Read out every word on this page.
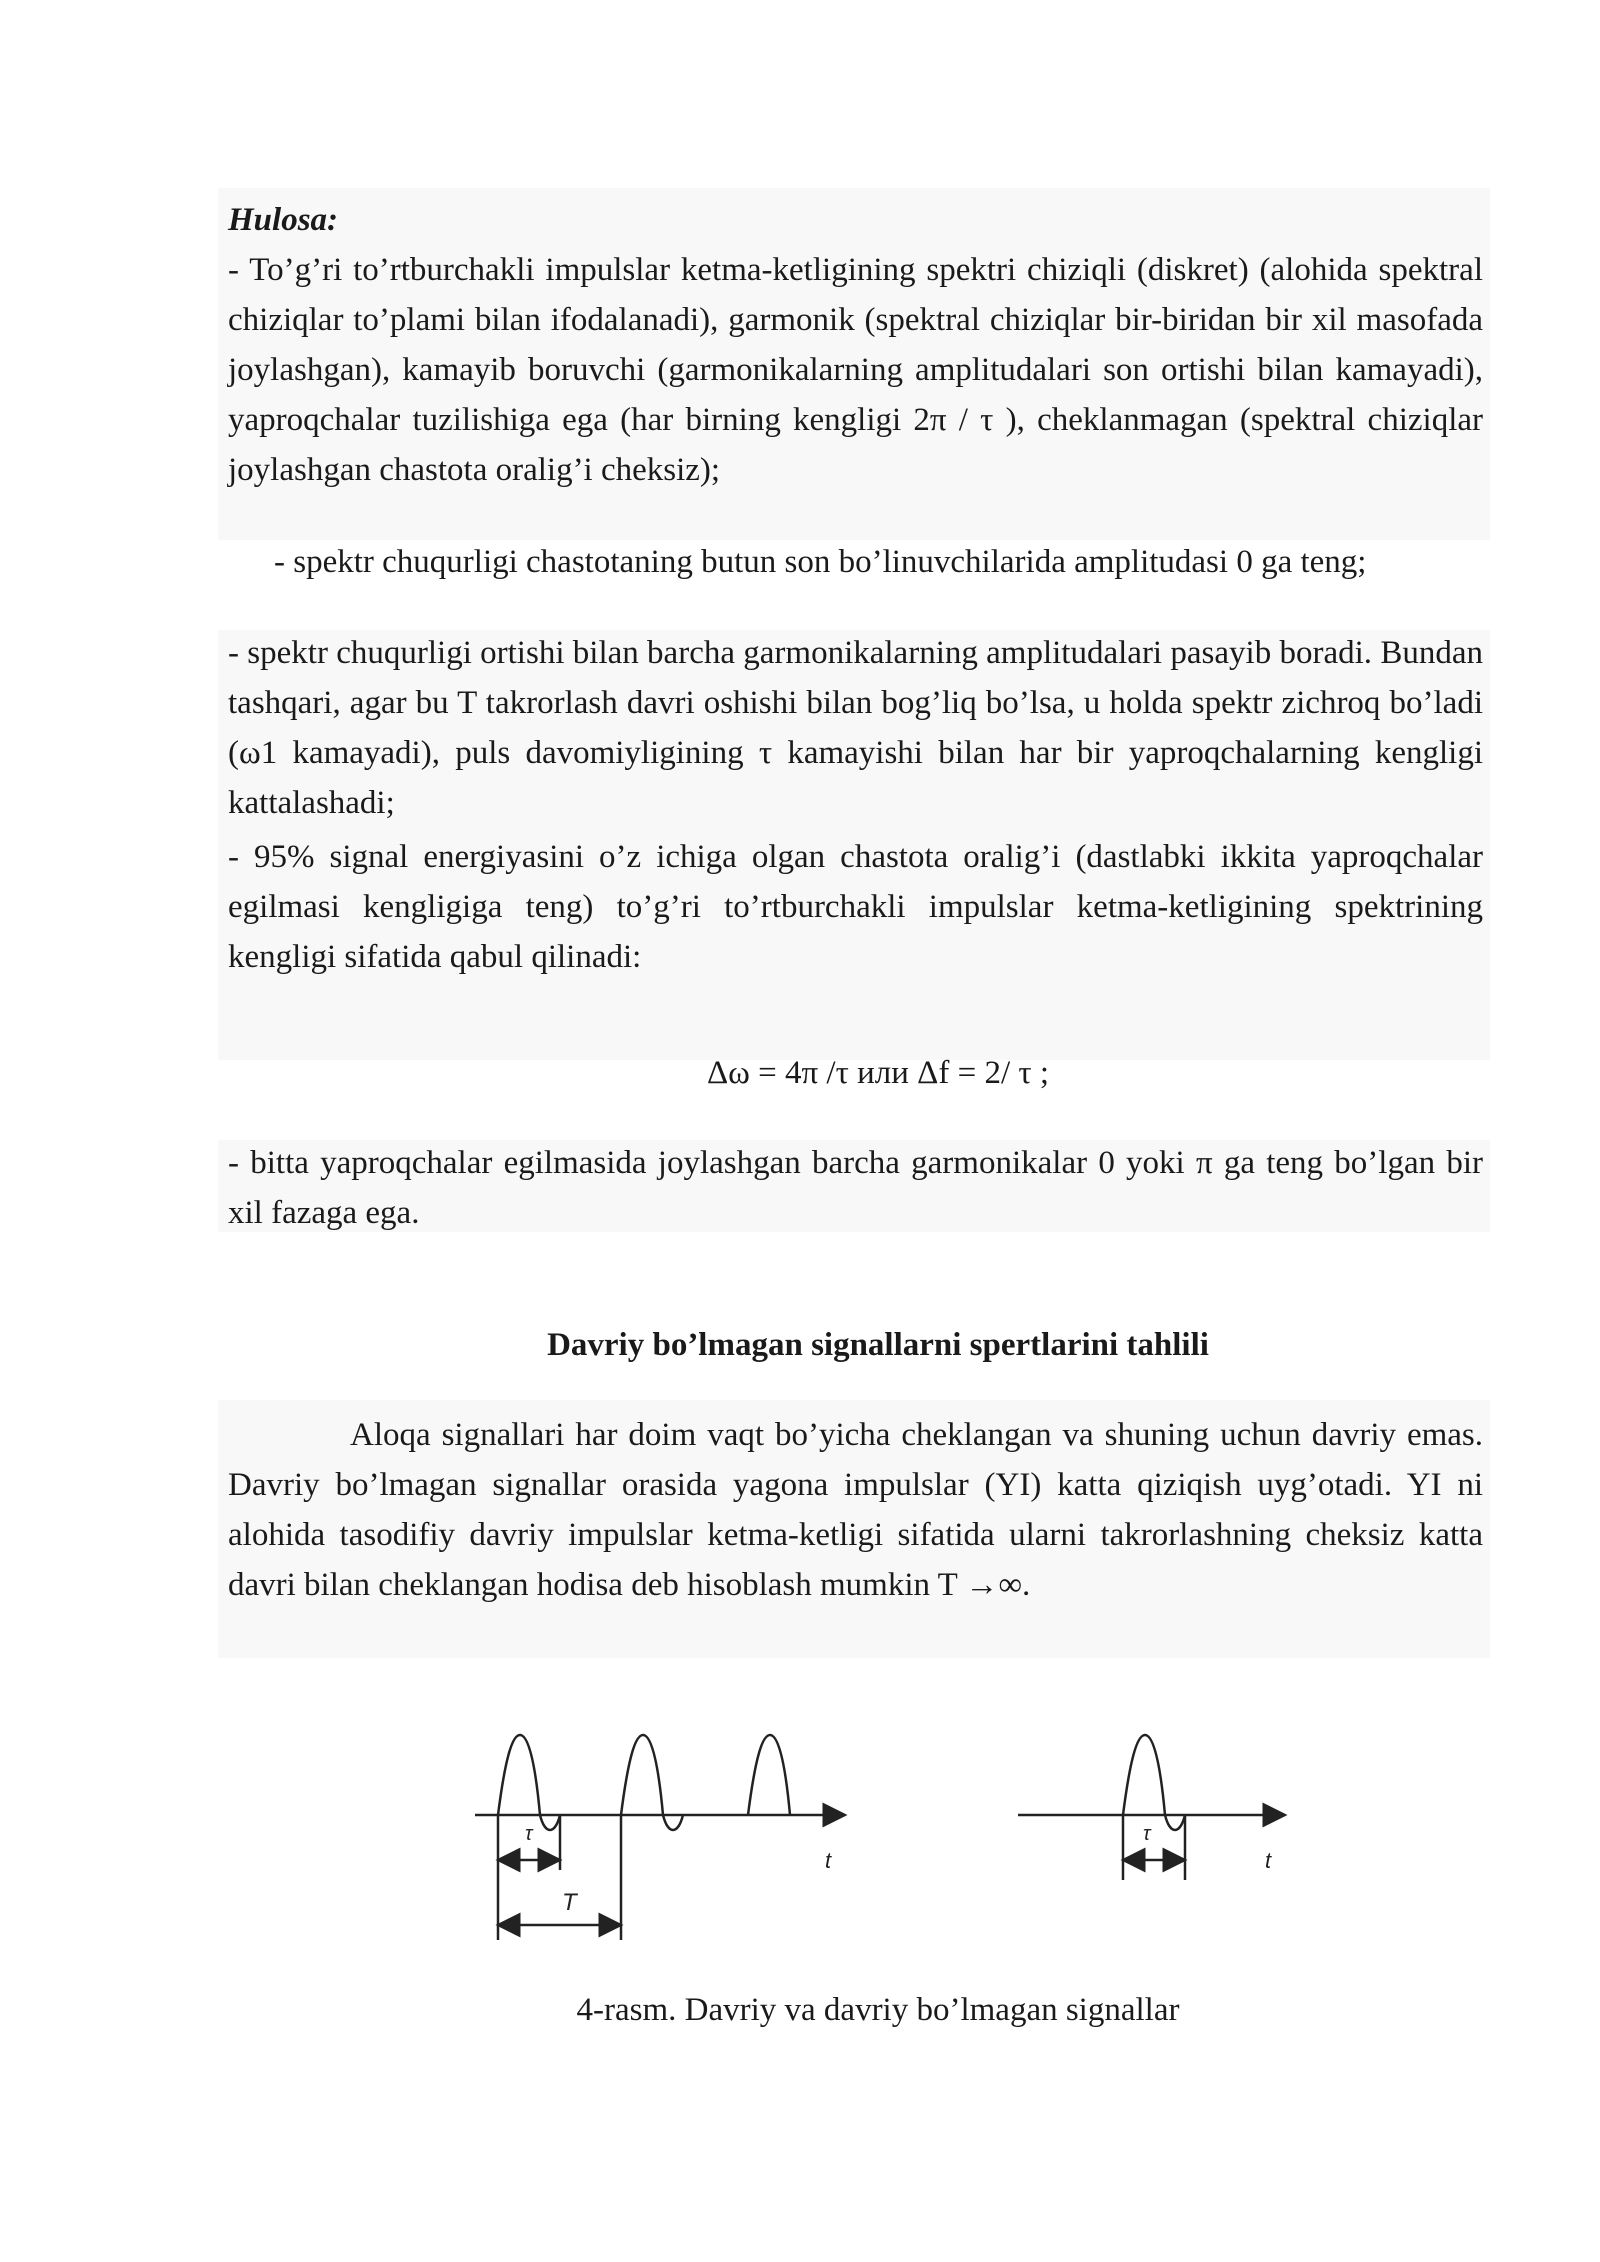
Hulosa:
- To’g’ri to’rtburchakli impulslar ketma-ketligining spektri chiziqli (diskret) (alohida spektral chiziqlar to’plami bilan ifodalanadi), garmonik (spektral chiziqlar bir-biridan bir xil masofada joylashgan), kamayib boruvchi (garmonikalarning amplitudalari son ortishi bilan kamayadi), yaproqchalar tuzilishiga ega (har birning kengligi 2π / τ ), cheklanmagan (spektral chiziqlar joylashgan chastota oralig’i cheksiz);
- spektr chuqurligi chastotaning butun son bo’linuvchilarida amplitudasi 0 ga teng;
- spektr chuqurligi ortishi bilan barcha garmonikalarning amplitudalari pasayib boradi. Bundan tashqari, agar bu T takrorlash davri oshishi bilan bog’liq bo’lsa, u holda spektr zichroq bo’ladi (ω1 kamayadi), puls davomiyligining τ kamayishi bilan har bir yaproqchalarning kengligi kattalashadi;
- 95% signal energiyasini o’z ichiga olgan chastota oralig’i (dastlabki ikkita yaproqchalar egilmasi kengligiga teng) to’g’ri to’rtburchakli impulslar ketma-ketligining spektrining kengligi sifatida qabul qilinadi:
Δω = 4π /τ или Δf = 2/ τ ;
- bitta yaproqchalar egilmasida joylashgan barcha garmonikalar 0 yoki π ga teng bo’lgan bir xil fazaga ega.
Davriy bo’lmagan signallarni spertlarini tahlili
Aloqa signallari har doim vaqt bo’yicha cheklangan va shuning uchun davriy emas. Davriy bo’lmagan signallar orasida yagona impulslar (YI) katta qiziqish uyg’otadi. YI ni alohida tasodifiy davriy impulslar ketma-ketligi sifatida ularni takrorlashning cheksiz katta davri bilan cheklangan hodisa deb hisoblash mumkin T →∞.
τ
T
t
τ
t
4-rasm. Davriy va davriy bo’lmagan signallar
